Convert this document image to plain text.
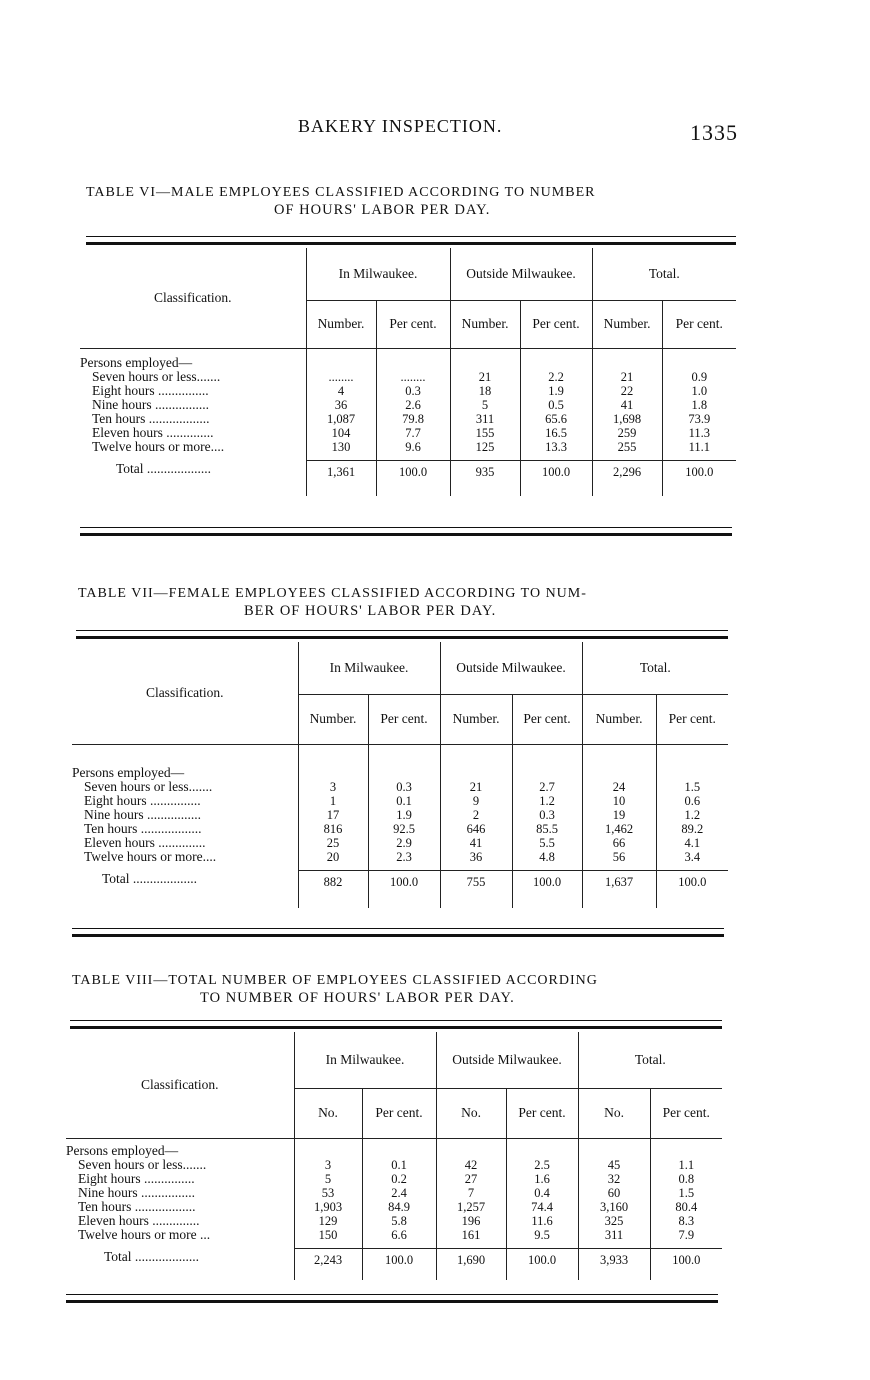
BAKERY INSPECTION.	1335
TABLE VI—MALE EMPLOYEES CLASSIFIED ACCORDING TO NUMBER
OF HOURS' LABOR PER DAY.
Classification.	In Milwaukee.		Outside Milwaukee.		Total.	
	Number.	Per cent.	Number.	Per cent.	Number.	Per cent.
Persons employed—						
Seven hours or less.......	........	........	21	2.2	21	0.9
Eight hours ...............	4	0.3	18	1.9	22	1.0
Nine hours ................	36	2.6	5	0.5	41	1.8
Ten hours ..................	1,087	79.8	311	65.6	1,698	73.9
Eleven hours ..............	104	7.7	155	16.5	259	11.3
Twelve hours or more....	130	9.6	125	13.3	255	11.1

Total ...................	1,361	100.0	935	100.0	2,296	100.0
TABLE VII—FEMALE EMPLOYEES CLASSIFIED ACCORDING TO NUM-
BER OF HOURS' LABOR PER DAY.
Classification.	In Milwaukee.		Outside Milwaukee.		Total.	
	Number.	Per cent.	Number.	Per cent.	Number.	Per cent.
Persons employed—						
Seven hours or less.......	3	0.3	21	2.7	24	1.5
Eight hours ...............	1	0.1	9	1.2	10	0.6
Nine hours ................	17	1.9	2	0.3	19	1.2
Ten hours ..................	816	92.5	646	85.5	1,462	89.2
Eleven hours ..............	25	2.9	41	5.5	66	4.1
Twelve hours or more....	20	2.3	36	4.8	56	3.4

Total ...................	882	100.0	755	100.0	1,637	100.0
TABLE VIII—TOTAL NUMBER OF EMPLOYEES CLASSIFIED ACCORDING
TO NUMBER OF HOURS' LABOR PER DAY.
Classification.	In Milwaukee.		Outside Milwaukee.		Total.	
	No.	Per cent.	No.	Per cent.	No.	Per cent.
Persons employed—						
Seven hours or less.......	3	0.1	42	2.5	45	1.1
Eight hours ...............	5	0.2	27	1.6	32	0.8
Nine hours ................	53	2.4	7	0.4	60	1.5
Ten hours ..................	1,903	84.9	1,257	74.4	3,160	80.4
Eleven hours ..............	129	5.8	196	11.6	325	8.3
Twelve hours or more ...	150	6.6	161	9.5	311	7.9

Total ...................	2,243	100.0	1,690	100.0	3,933	100.0
